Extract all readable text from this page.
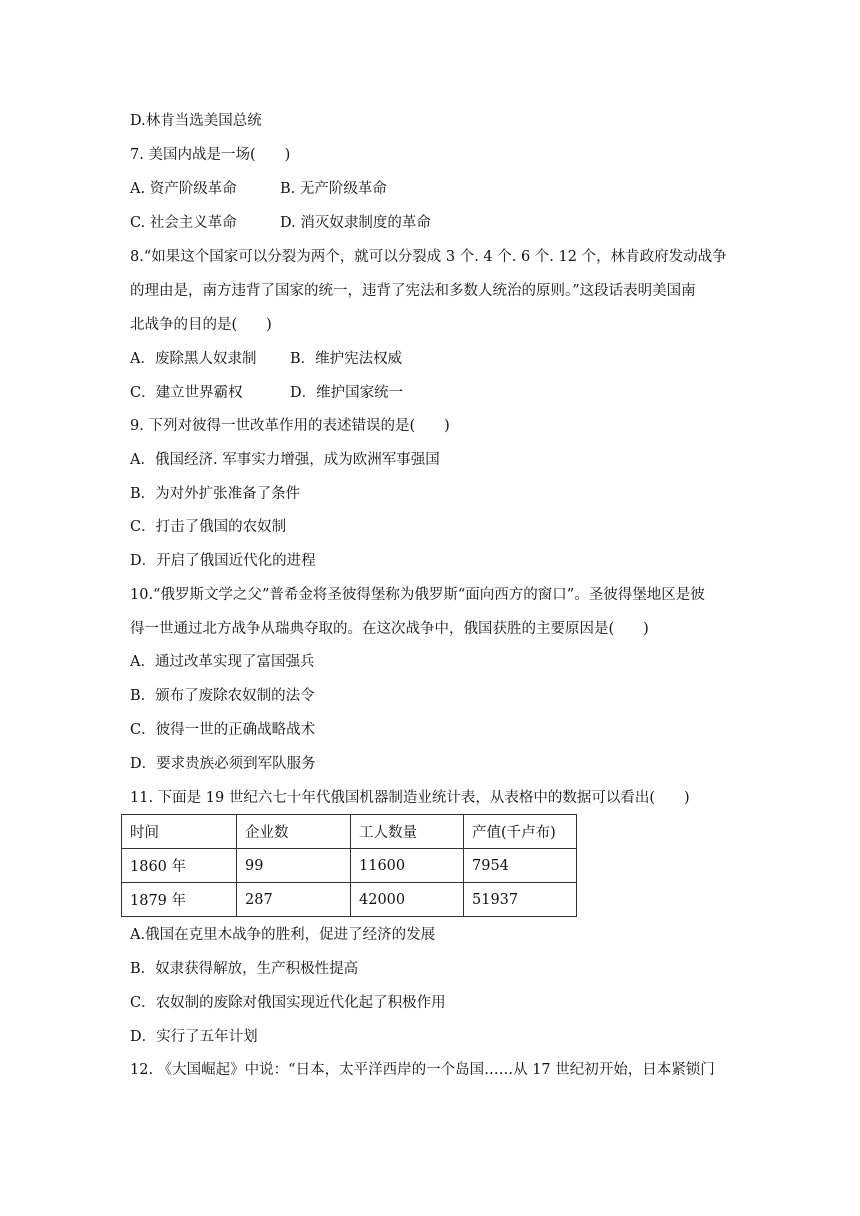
D.林肯当选美国总统
7. 美国内战是一场(　　)
A. 资产阶级革命	B. 无产阶级革命
C. 社会主义革命	D. 消灭奴隶制度的革命
8.“如果这个国家可以分裂为两个，就可以分裂成 3 个. 4 个. 6 个. 12 个，林肯政府发动战争
的理由是，南方违背了国家的统一，违背了宪法和多数人统治的原则。”这段话表明美国南
北战争的目的是(　　)
A．废除黑人奴隶制 B．维护宪法权威
C．建立世界霸权	D．维护国家统一
9. 下列对彼得一世改革作用的表述错误的是(　　)
A．俄国经济. 军事实力增强，成为欧洲军事强国
B．为对外扩张准备了条件
C．打击了俄国的农奴制
D．开启了俄国近代化的进程
10.“俄罗斯文学之父”普希金将圣彼得堡称为俄罗斯“面向西方的窗口”。圣彼得堡地区是彼
得一世通过北方战争从瑞典夺取的。在这次战争中，俄国获胜的主要原因是(　　)
A．通过改革实现了富国强兵
B．颁布了废除农奴制的法令
C．彼得一世的正确战略战术
D．要求贵族必须到军队服务
11. 下面是 19 世纪六七十年代俄国机器制造业统计表，从表格中的数据可以看出(　　)
时间	企业数	工人数量	产值(千卢布)
1860 年	99	11600	7954
1879 年	287	42000	51937
A.俄国在克里木战争的胜利，促进了经济的发展
B．奴隶获得解放，生产积极性提高
C．农奴制的废除对俄国实现近代化起了积极作用
D．实行了五年计划
12. 《大国崛起》中说：“日本，太平洋西岸的一个岛国……从 17 世纪初开始，日本紧锁门
